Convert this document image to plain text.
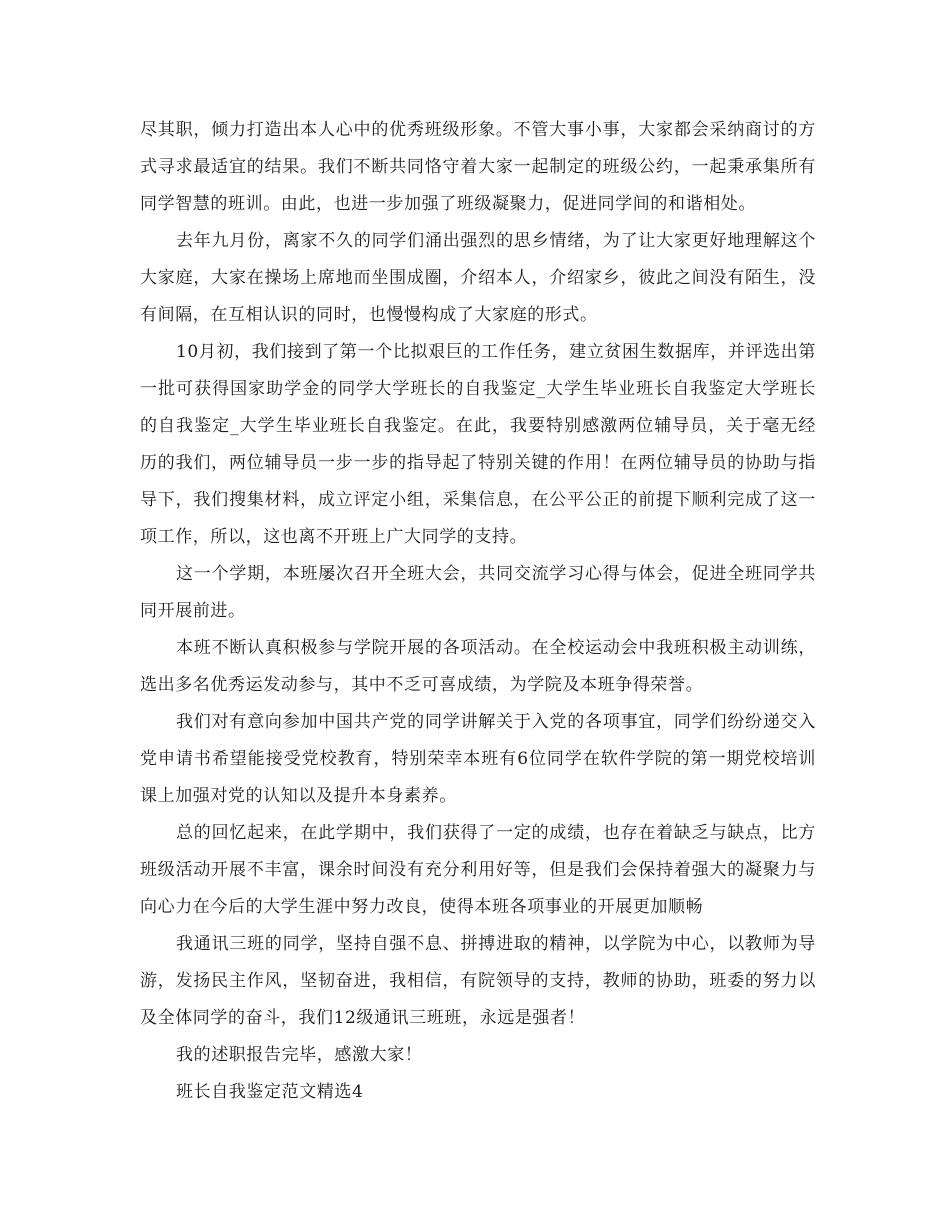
尽其职，倾力打造出本人心中的优秀班级形象。不管大事小事，大家都会采纳商讨的方式寻求最适宜的结果。我们不断共同恪守着大家一起制定的班级公约，一起秉承集所有同学智慧的班训。由此，也进一步加强了班级凝聚力，促进同学间的和谐相处。

去年九月份，离家不久的同学们涌出强烈的思乡情绪，为了让大家更好地理解这个大家庭，大家在操场上席地而坐围成圈，介绍本人，介绍家乡，彼此之间没有陌生，没有间隔，在互相认识的同时，也慢慢构成了大家庭的形式。

10月初，我们接到了第一个比拟艰巨的工作任务，建立贫困生数据库，并评选出第一批可获得国家助学金的同学大学班长的自我鉴定_大学生毕业班长自我鉴定大学班长的自我鉴定_大学生毕业班长自我鉴定。在此，我要特别感激两位辅导员，关于毫无经历的我们，两位辅导员一步一步的指导起了特别关键的作用！在两位辅导员的协助与指导下，我们搜集材料，成立评定小组，采集信息，在公平公正的前提下顺利完成了这一项工作，所以，这也离不开班上广大同学的支持。

这一个学期，本班屡次召开全班大会，共同交流学习心得与体会，促进全班同学共同开展前进。

本班不断认真积极参与学院开展的各项活动。在全校运动会中我班积极主动训练，选出多名优秀运发动参与，其中不乏可喜成绩，为学院及本班争得荣誉。

我们对有意向参加中国共产党的同学讲解关于入党的各项事宜，同学们纷纷递交入党申请书希望能接受党校教育，特别荣幸本班有6位同学在软件学院的第一期党校培训课上加强对党的认知以及提升本身素养。

总的回忆起来，在此学期中，我们获得了一定的成绩，也存在着缺乏与缺点，比方班级活动开展不丰富，课余时间没有充分利用好等，但是我们会保持着强大的凝聚力与向心力在今后的大学生涯中努力改良，使得本班各项事业的开展更加顺畅

我通讯三班的同学，坚持自强不息、拼搏进取的精神，以学院为中心，以教师为导游，发扬民主作风，坚韧奋进，我相信，有院领导的支持，教师的协助，班委的努力以及全体同学的奋斗，我们12级通讯三班班，永远是强者！

我的述职报告完毕，感激大家！

班长自我鉴定范文精选4
